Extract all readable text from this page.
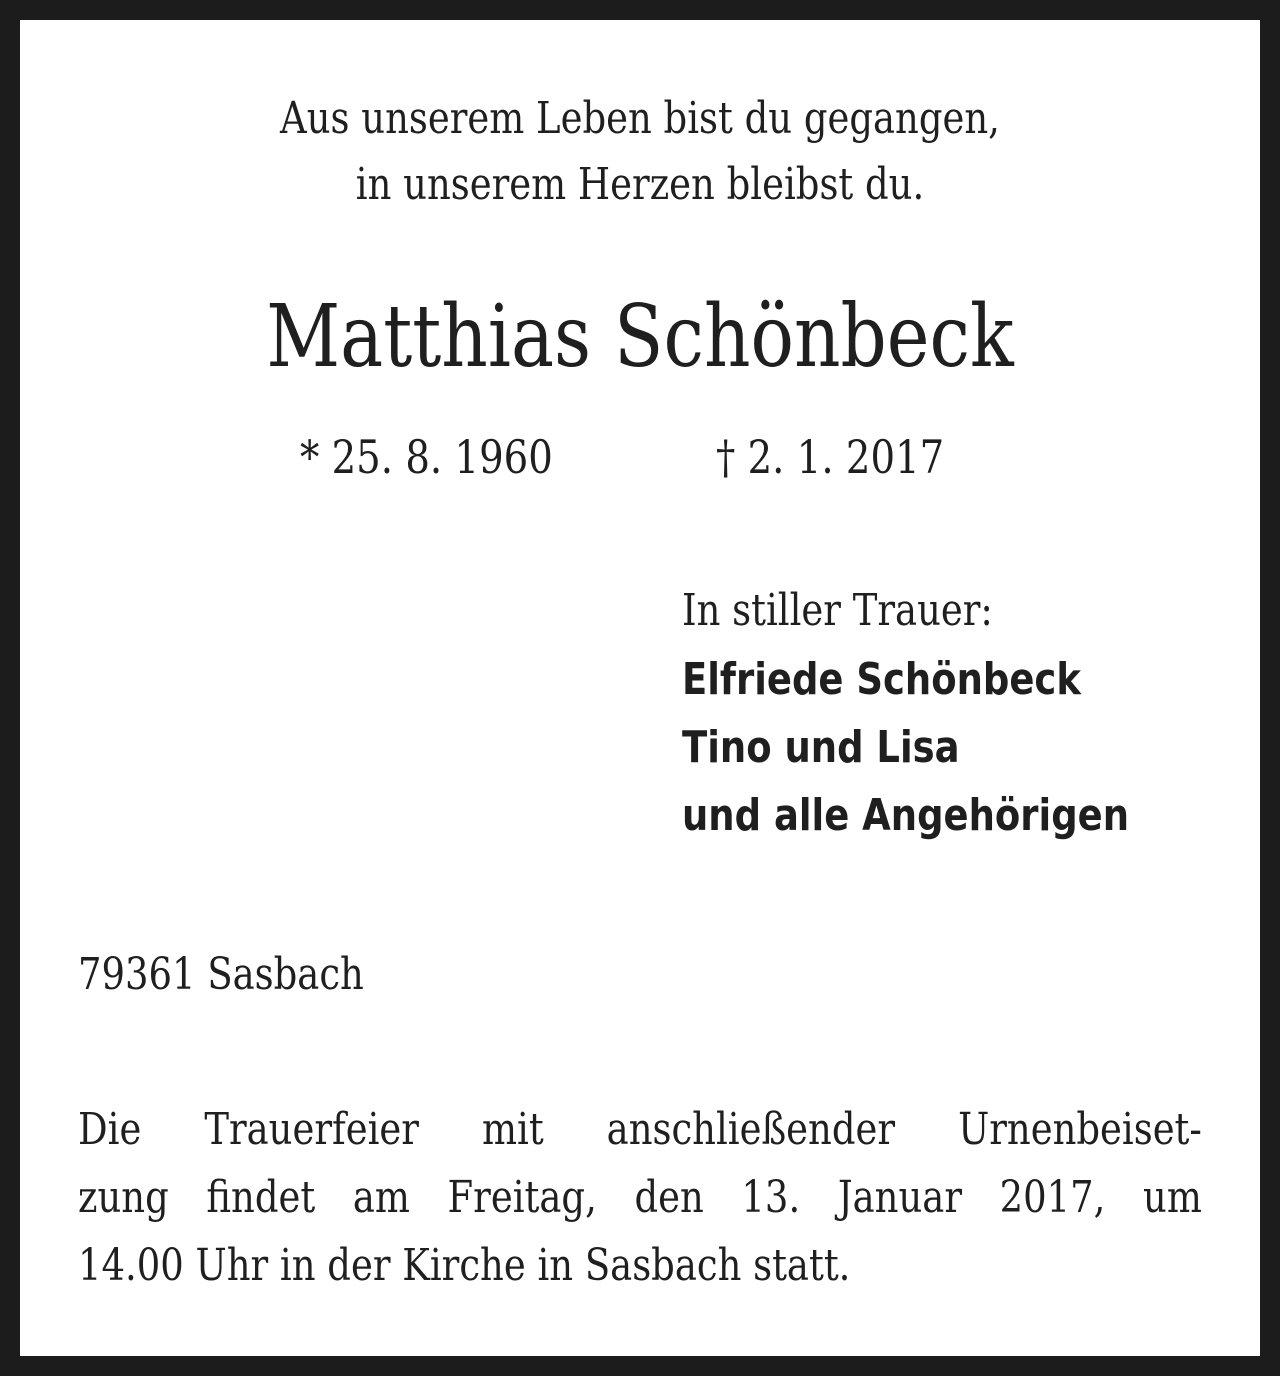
Aus unserem Leben bist du gegangen,
in unserem Herzen bleibst du.
Matthias Schönbeck
* 25. 8. 1960	† 2. 1. 2017
In stiller Trauer:
Elfriede Schönbeck
Tino und Lisa
und alle Angehörigen
79361 Sasbach
Die Trauerfeier mit anschließender Urnenbeiset-
zung findet am Freitag, den 13. Januar 2017, um
14.00 Uhr in der Kirche in Sasbach statt.
